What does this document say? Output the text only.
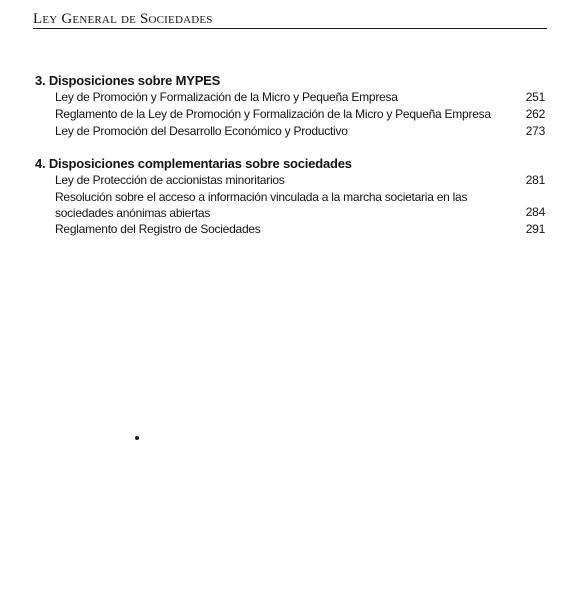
Ley General de Sociedades
3. Disposiciones sobre MYPES
Ley de Promoción y Formalización de la Micro y Pequeña Empresa	251
Reglamento de la Ley de Promoción y Formalización de la Micro y Pequeña Empresa	262
Ley de Promoción del Desarrollo Económico y Productivo	273
4. Disposiciones complementarias sobre sociedades
Ley de Protección de accionistas minoritarios	281
Resolución sobre el acceso a información vinculada a la marcha societaria en las sociedades anónimas abiertas	284
Reglamento del Registro de Sociedades	291
